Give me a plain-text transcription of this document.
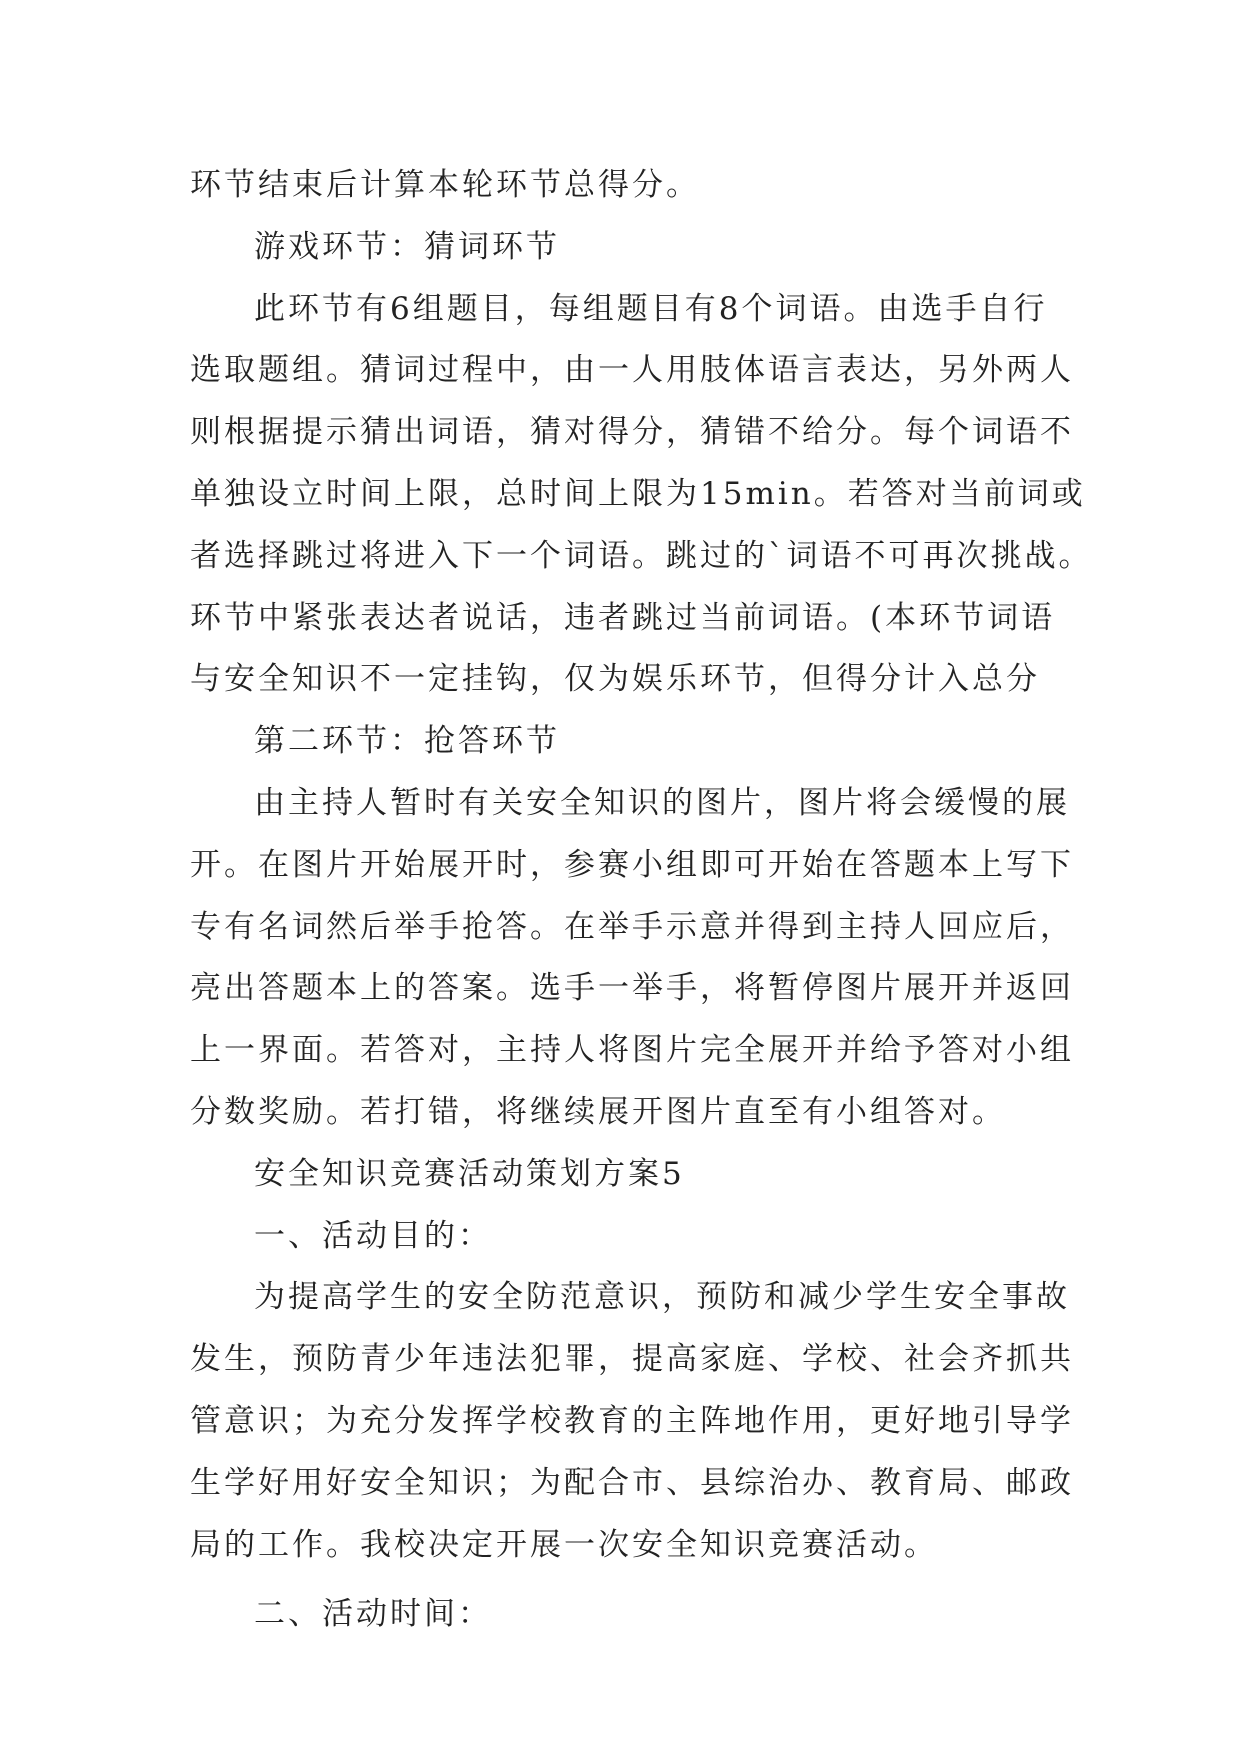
环节结束后计算本轮环节总得分。
游戏环节：猜词环节
此环节有6组题目，每组题目有8个词语。由选手自行
选取题组。猜词过程中，由一人用肢体语言表达，另外两人
则根据提示猜出词语，猜对得分，猜错不给分。每个词语不
单独设立时间上限，总时间上限为15min。若答对当前词或
者选择跳过将进入下一个词语。跳过的`词语不可再次挑战。
环节中紧张表达者说话，违者跳过当前词语。(本环节词语
与安全知识不一定挂钩，仅为娱乐环节，但得分计入总分
第二环节：抢答环节
由主持人暂时有关安全知识的图片，图片将会缓慢的展
开。在图片开始展开时，参赛小组即可开始在答题本上写下
专有名词然后举手抢答。在举手示意并得到主持人回应后，
亮出答题本上的答案。选手一举手，将暂停图片展开并返回
上一界面。若答对，主持人将图片完全展开并给予答对小组
分数奖励。若打错，将继续展开图片直至有小组答对。
安全知识竞赛活动策划方案5
一、活动目的：
为提高学生的安全防范意识，预防和减少学生安全事故
发生，预防青少年违法犯罪，提高家庭、学校、社会齐抓共
管意识；为充分发挥学校教育的主阵地作用，更好地引导学
生学好用好安全知识；为配合市、县综治办、教育局、邮政
局的工作。我校决定开展一次安全知识竞赛活动。
二、活动时间：
